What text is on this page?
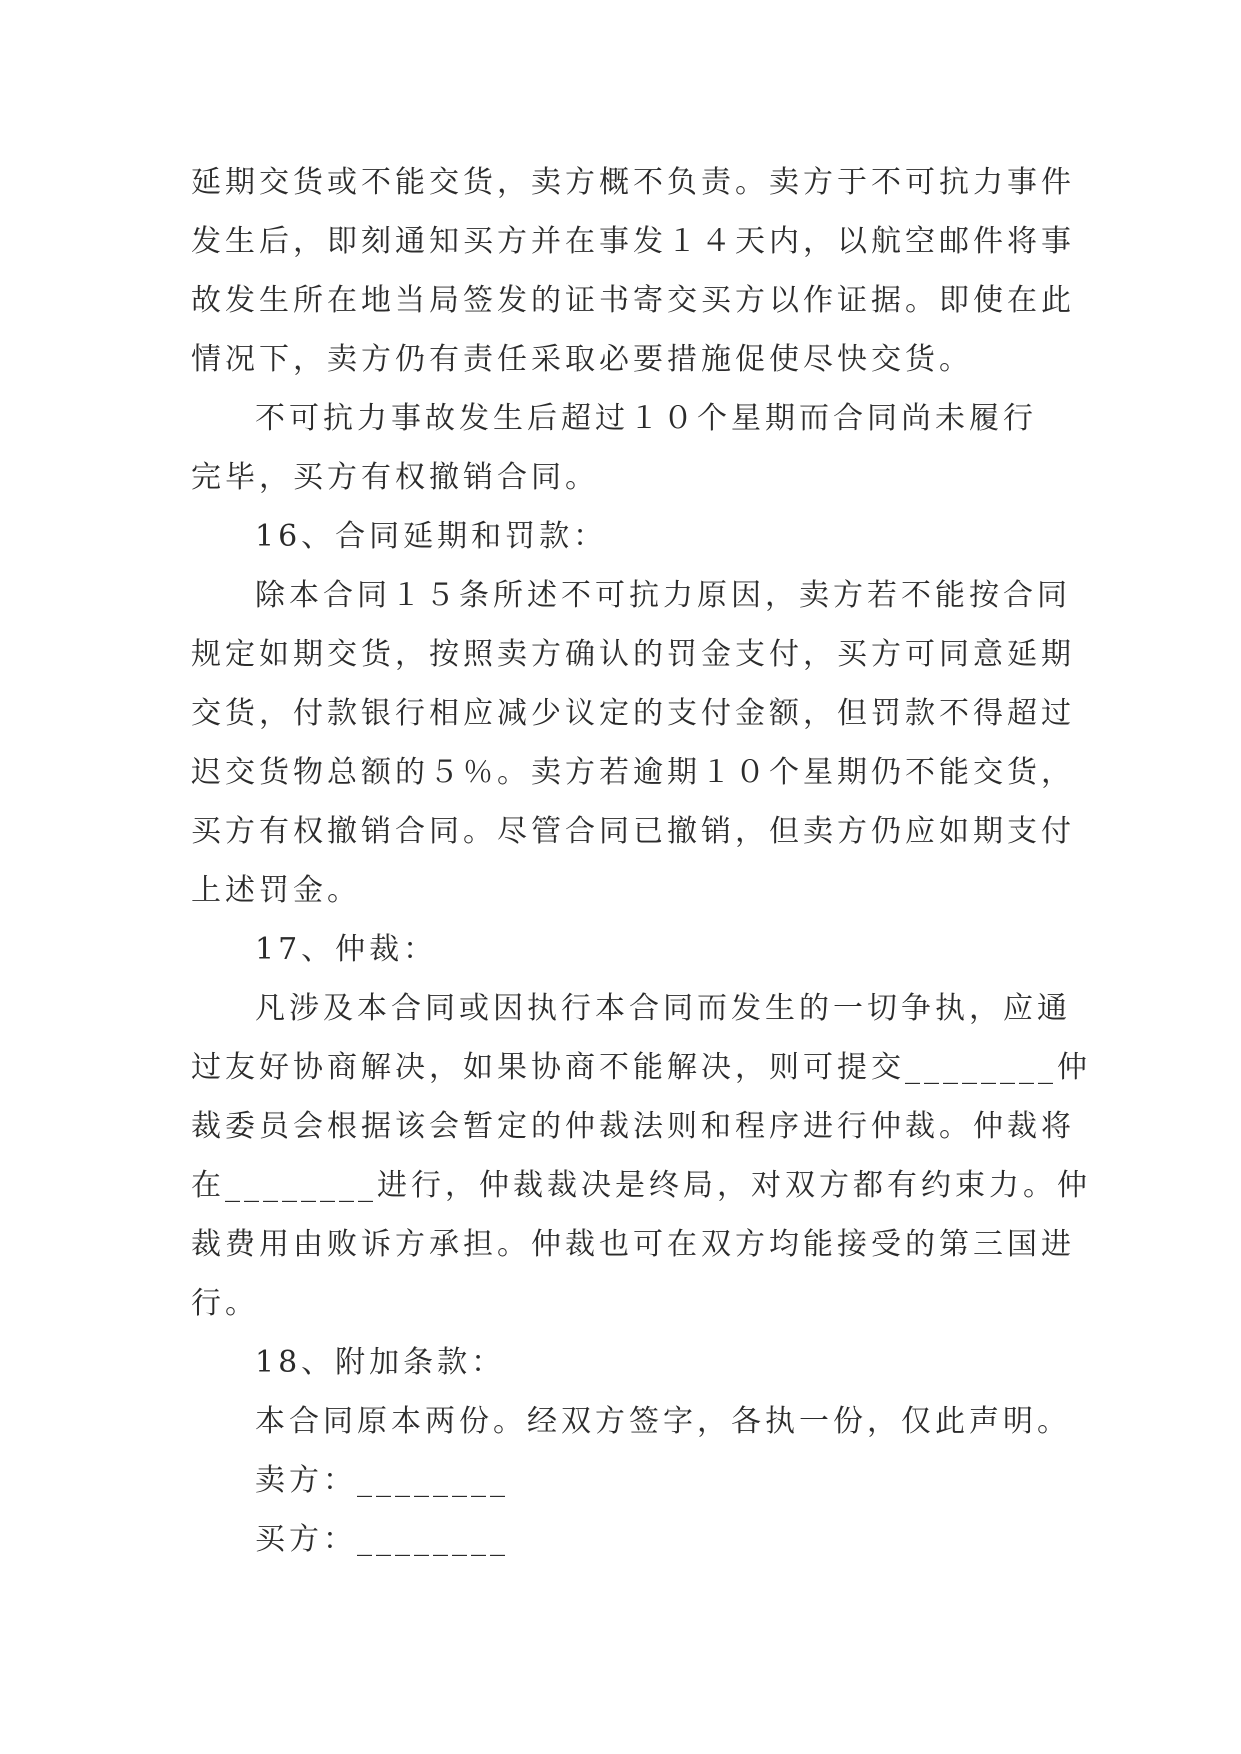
延期交货或不能交货，卖方概不负责。卖方于不可抗力事件
发生后，即刻通知买方并在事发１４天内，以航空邮件将事
故发生所在地当局签发的证书寄交买方以作证据。即使在此
情况下，卖方仍有责任采取必要措施促使尽快交货。
不可抗力事故发生后超过１０个星期而合同尚未履行
完毕，买方有权撤销合同。
16、合同延期和罚款：
除本合同１５条所述不可抗力原因，卖方若不能按合同
规定如期交货，按照卖方确认的罚金支付，买方可同意延期
交货，付款银行相应减少议定的支付金额，但罚款不得超过
迟交货物总额的５％。卖方若逾期１０个星期仍不能交货，
买方有权撤销合同。尽管合同已撤销，但卖方仍应如期支付
上述罚金。
17、仲裁：
凡涉及本合同或因执行本合同而发生的一切争执，应通
过友好协商解决，如果协商不能解决，则可提交________仲
裁委员会根据该会暂定的仲裁法则和程序进行仲裁。仲裁将
在________进行，仲裁裁决是终局，对双方都有约束力。仲
裁费用由败诉方承担。仲裁也可在双方均能接受的第三国进
行。
18、附加条款：
本合同原本两份。经双方签字，各执一份，仅此声明。
卖方：________
买方：________
